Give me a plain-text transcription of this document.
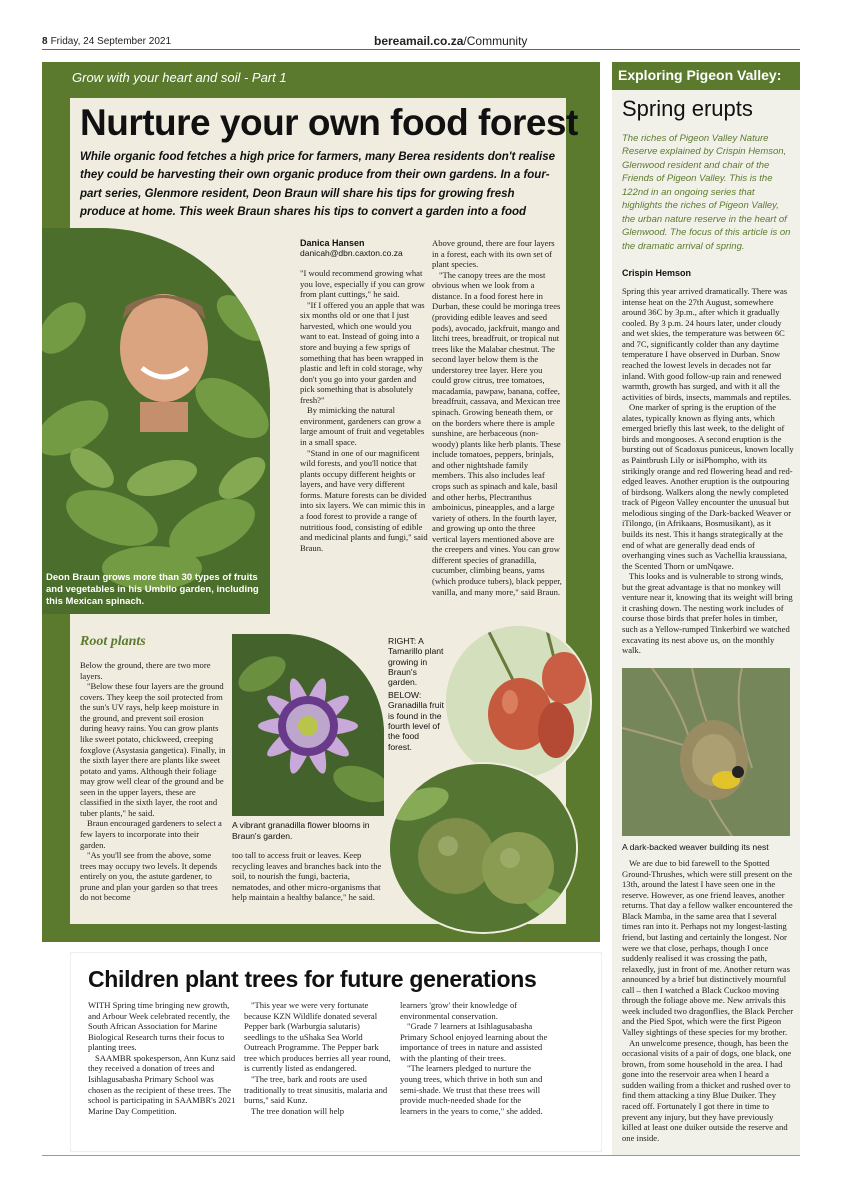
8 Friday, 24 September 2021	bereamail.co.za/Community
Grow with your heart and soil - Part 1
Nurture your own food forest
While organic food fetches a high price for farmers, many Berea residents don't realise they could be harvesting their own organic produce from their own gardens. In a four-part series, Glenmore resident, Deon Braun will share his tips for growing fresh produce at home. This week Braun shares his tips to convert a garden into a food
Deon Braun grows more than 30 types of fruits and vegetables in his Umbilo garden, including this Mexican spinach.
Danica Hansen
danicah@dbn.caxton.co.za

"I would recommend growing what you love, especially if you can grow from plant cuttings," he said.

"If I offered you an apple that was six months old or one that I just harvested, which one would you want to eat. Instead of going into a store and buying a few sprigs of something that has been wrapped in plastic and left in cold storage, why don't you go into your garden and pick something that is absolutely fresh?"

By mimicking the natural environment, gardeners can grow a large amount of fruit and vegetables in a small space.

"Stand in one of our magnificent wild forests, and you'll notice that plants occupy different heights or layers, and have very different forms. Mature forests can be divided into six layers. We can mimic this in a food forest to provide a range of nutritious food, consisting of edible and medicinal plants and fungi," said Braun.

Above ground, there are four layers in a forest, each with its own set of plant species.

"The canopy trees are the most obvious when we look from a distance. In a food forest here in Durban, these could be moringa trees (providing edible leaves and seed pods), avocado, jackfruit, mango and litchi trees, breadfruit, or tropical nut trees like the Malabar chestnut. The second layer below them is the understorey tree layer. Here you could grow citrus, tree tomatoes, macadamia, pawpaw, banana, coffee, breadfruit, cassava, and Mexican tree spinach. Growing beneath them, or on the borders where there is ample sunshine, are herbaceous (non-woody) plants like herb plants. These include tomatoes, peppers, brinjals, and other nightshade family members. This also includes leaf crops such as spinach and kale, basil and other herbs, Plectranthus amboinicus, pineapples, and a large variety of others. In the fourth layer, and growing up onto the three vertical layers mentioned above are the creepers and vines. You can grow different species of granadilla, cucumber, climbing beans, yams (which produce tubers), black pepper, vanilla, and many more," said Braun.

Root plants

Below the ground, there are two more layers.

"Below these four layers are the ground covers. They keep the soil protected from the sun's UV rays, help keep moisture in the ground, and prevent soil erosion during heavy rains. You can grow plants like sweet potato, chickweed, creeping foxglove (Asystasia gangetica). Finally, in the sixth layer there are plants like sweet potato and yams. Although their foliage may grow well clear of the ground and be seen in the upper layers, these are classified in the sixth layer, the root and tuber plants," he said.

Braun encouraged gardeners to select a few layers to incorporate into their garden.

"As you'll see from the above, some trees may occupy two levels. It depends entirely on you, the astute gardener, to prune and plan your garden so that trees do not become

A vibrant granadilla flower blooms in Braun's garden.

too tall to access fruit or leaves. Keep recycling leaves and branches back into the soil, to nourish the fungi, bacteria, nematodes, and other micro-organisms that help maintain a healthy balance," he said.

RIGHT: A Tamarillo plant growing in Braun's garden.
BELOW: Granadilla fruit is found in the fourth level of the food forest.
Children plant trees for future generations

WITH Spring time bringing new growth, and Arbour Week celebrated recently, the South African Association for Marine Biological Research turns their focus to planting trees.

SAAMBR spokesperson, Ann Kunz said they received a donation of trees and Isihlagusabasha Primary School was chosen as the recipient of these trees. The school is participating in SAAMBR's 2021 Marine Day Competition.

"This year we were very fortunate because KZN Wildlife donated several Pepper bark (Warburgia salutaris) seedlings to the uShaka Sea World Outreach Programme. The Pepper bark tree which produces berries all year round, is currently listed as endangered.

"The tree, bark and roots are used traditionally to treat sinusitis, malaria and burns," said Kunz.

The tree donation will help

learners 'grow' their knowledge of environmental conservation.

"Grade 7 learners at Isihlagusabasha Primary School enjoyed learning about the importance of trees in nature and assisted with the planting of their trees.

"The learners pledged to nurture the young trees, which thrive in both sun and semi-shade. We trust that these trees will provide much-needed shade for the learners in the years to come," she added.

Exploring Pigeon Valley:
Spring erupts
The riches of Pigeon Valley Nature Reserve explained by Crispin Hemson, Glenwood resident and chair of the Friends of Pigeon Valley. This is the 122nd in an ongoing series that highlights the riches of Pigeon Valley, the urban nature reserve in the heart of Glenwood. The focus of this article is on the dramatic arrival of spring.
Crispin Hemson

Spring this year arrived dramatically. There was intense heat on the 27th August, somewhere around 36C by 3p.m., after which it gradually cooled. By 3 p.m. 24 hours later, under cloudy and wet skies, the temperature was between 6C and 7C, significantly colder than any daytime temperature I have observed in Durban. Snow reached the lowest levels in decades not far inland. With good follow-up rain and renewed warmth, growth has surged, and with it all the activities of birds, insects, mammals and reptiles.

One marker of spring is the eruption of the alates, typically known as flying ants, which emerged briefly this last week, to the delight of birds and mongooses. A second eruption is the bursting out of Scadoxus puniceus, known locally as Paintbrush Lily or isiPhompho, with its strikingly orange and red flowering head and red-edged leaves. Another eruption is the outpouring of birdsong. Walkers along the newly completed track of Pigeon Valley encounter the unusual but melodious singing of the Dark-backed Weaver or iTilongo, (in Afrikaans, Bosmusikant), as it builds its nest. This it hangs strategically at the end of what are generally dead ends of overhanging vines such as Vachellia kraussiana, the Scented Thorn or umNqawe.

This looks and is vulnerable to strong winds, but the great advantage is that no monkey will venture near it, knowing that its weight will bring it crashing down. The nesting work includes of course those birds that prefer holes in timber, such as a Yellow-rumped Tinkerbird we watched excavating its nest above us, on the monthly walk.

A dark-backed weaver building its nest

We are due to bid farewell to the Spotted Ground-Thrushes, which were still present on the 13th, around the latest I have seen one in the reserve. However, as one friend leaves, another returns. That day a fellow walker encountered the Black Mamba, in the same area that I several times ran into it. Perhaps not my longest-lasting friend, but lasting and certainly the longest. Nor were we that close, perhaps, though I once suddenly realised it was crossing the path, relaxedly, just in front of me. Another return was announced by a brief but distinctively mournful call – then I watched a Black Cuckoo moving through the foliage above me. New arrivals this week included two dragonflies, the Black Percher and the Pied Spot, which were the first Pigeon Valley sightings of these species for my brother.

An unwelcome presence, though, has been the occasional visits of a pair of dogs, one black, one brown, from some household in the area. I had gone into the reservoir area when I heard a sudden wailing from a thicket and rushed over to find them attacking a tiny Blue Duiker. They raced off. Fortunately I got there in time to prevent any injury, but they have previously killed at least one duiker outside the reserve and one inside.
